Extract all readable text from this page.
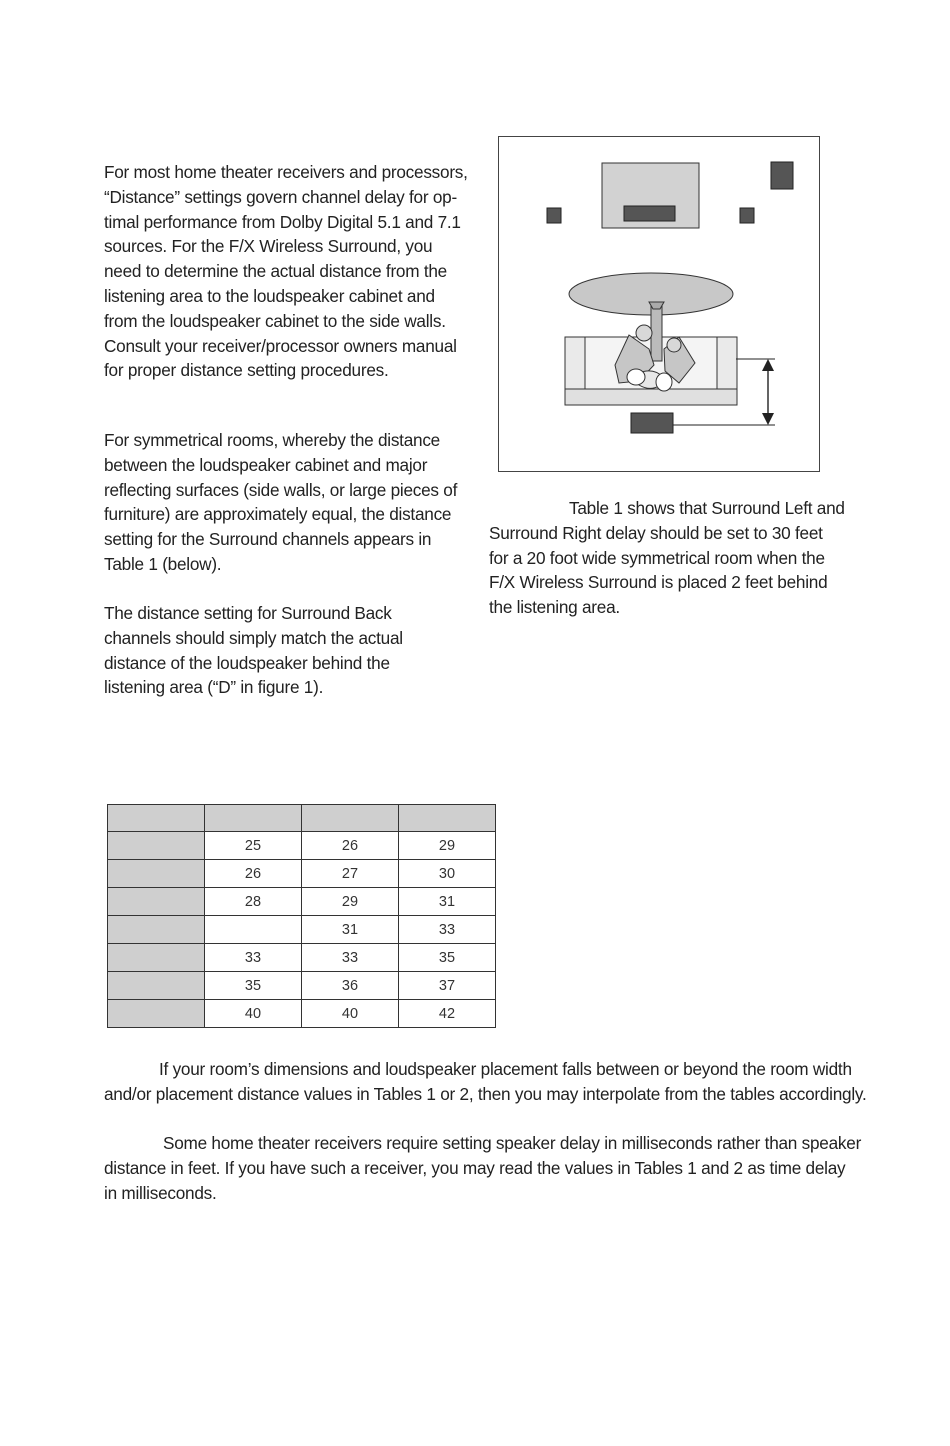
For most home theater receivers and processors,
“Distance” settings govern channel delay for op-
timal performance from Dolby Digital 5.1 and 7.1
sources. For the F/X Wireless Surround, you
need to determine the actual distance from the
listening area to the loudspeaker cabinet and
from the loudspeaker cabinet to the side walls.
Consult your receiver/processor owners manual
for proper distance setting procedures.
For symmetrical rooms, whereby the distance
between the loudspeaker cabinet and major
reflecting surfaces (side walls, or large pieces of
furniture) are approximately equal, the distance
setting for the Surround channels appears in
Table 1 (below).
The distance setting for Surround Back
channels should simply match the actual
distance of the loudspeaker behind the
listening area (“D” in figure 1).
Table 1 shows that Surround Left and
Surround Right delay should be set to 30 feet
for a 20 foot wide symmetrical room when the
F/X Wireless Surround is placed 2 feet behind
the listening area.

	25	26	29
	26	27	30
	28	29	31
		31	33
	33	33	35
	35	36	37
	40	40	42
If your room’s dimensions and loudspeaker placement falls between or beyond the room width
and/or placement distance values in Tables 1 or 2, then you may interpolate from the tables accordingly.
Some home theater receivers require setting speaker delay in milliseconds rather than speaker
distance in feet. If you have such a receiver, you may read the values in Tables 1 and 2 as time delay
in milliseconds.
